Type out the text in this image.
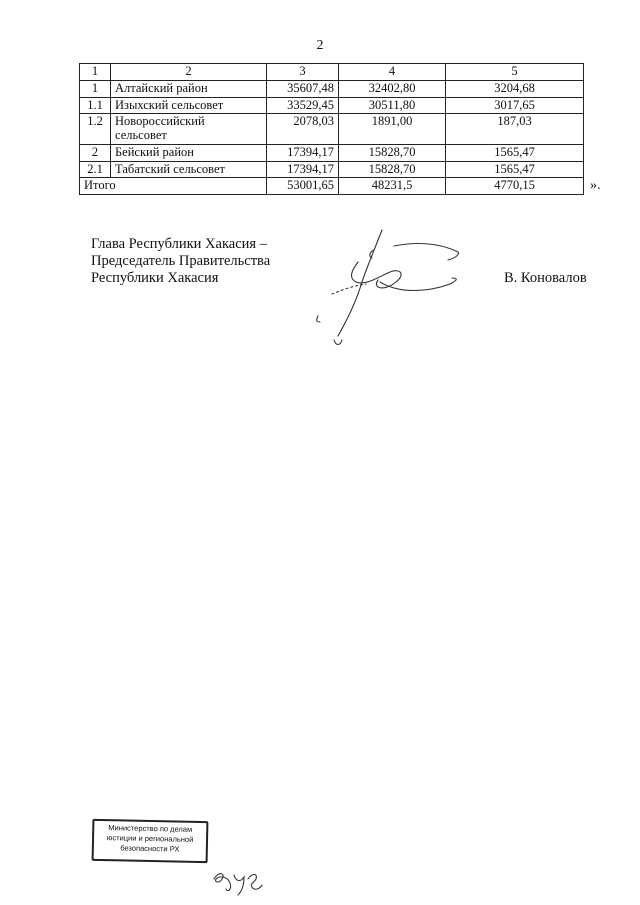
2
1	2	3	4	5
1	Алтайский район	35607,48	32402,80	3204,68
1.1	Изыхский сельсовет	33529,45	30511,80	3017,65
1.2	Новороссийский
сельсовет	2078,03	1891,00	187,03
2	Бейский район	17394,17	15828,70	1565,47
2.1	Табатский сельсовет	17394,17	15828,70	1565,47
Итого		53001,65	48231,5	4770,15	».
Глава Республики Хакасия –
Председатель Правительства
Республики Хакасия	В. Коновалов
Министерство по делам
юстиции и региональной
безопасности РХ
